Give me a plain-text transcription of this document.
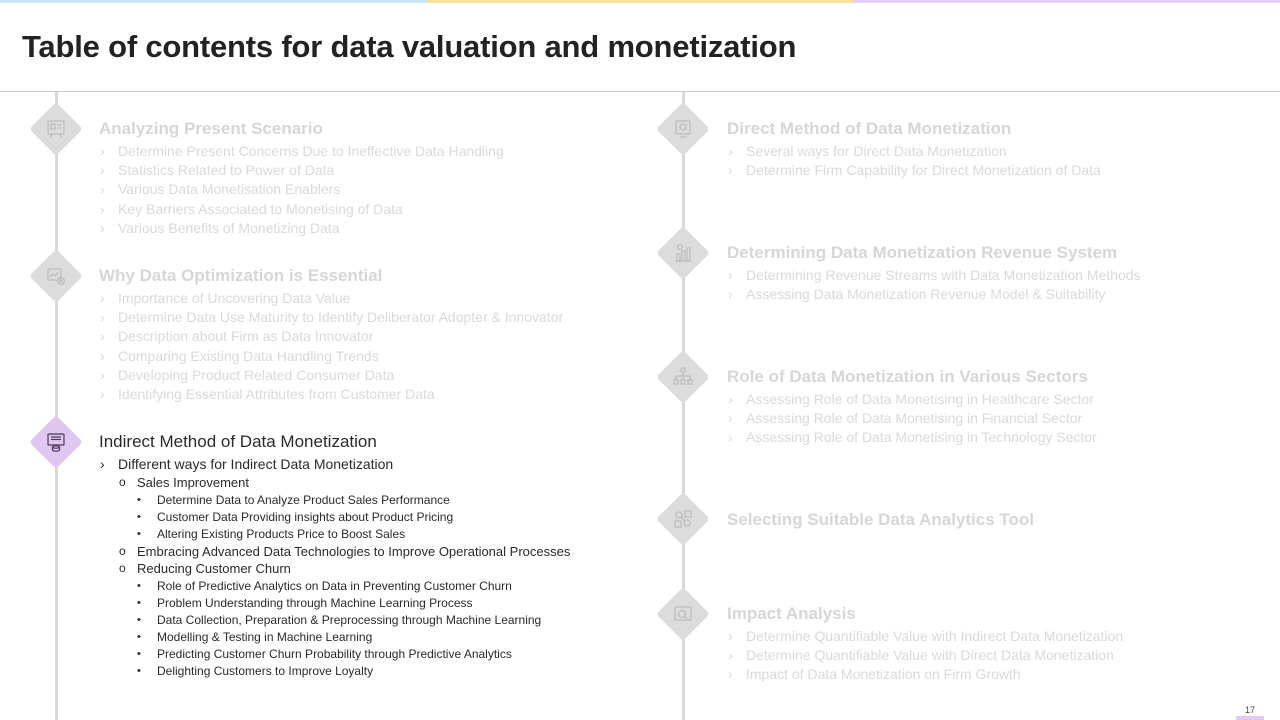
Table of contents for data valuation and monetization
Analyzing Present Scenario
› Determine Present Concerns Due to Ineffective Data Handling
› Statistics Related to Power of Data
› Various Data Monetisation Enablers
› Key Barriers Associated to Monetising of Data
› Various Benefits of Monetizing Data
Why Data Optimization is Essential
› Importance of Uncovering Data Value
› Determine Data Use Maturity to Identify Deliberator Adopter & Innovator
› Description about Firm as Data Innovator
› Comparing Existing Data Handling Trends
› Developing Product Related Consumer Data
› Identifying Essential Attributes from Customer Data
Indirect Method of Data Monetization
› Different ways for Indirect Data Monetization
o Sales Improvement
• Determine Data to Analyze Product Sales Performance
• Customer Data Providing insights about Product Pricing
• Altering Existing Products Price to Boost Sales
o Embracing Advanced Data Technologies to Improve Operational Processes
o Reducing Customer Churn
• Role of Predictive Analytics on Data in Preventing Customer Churn
• Problem Understanding through Machine Learning Process
• Data Collection, Preparation & Preprocessing through Machine Learning
• Modelling & Testing in Machine Learning
• Predicting Customer Churn Probability through Predictive Analytics
• Delighting Customers to Improve Loyalty
Direct Method of Data Monetization
› Several ways for Direct Data Monetization
› Determine Firm Capability for Direct Monetization of Data
Determining Data Monetization Revenue System
› Determining Revenue Streams with Data Monetization Methods
› Assessing Data Monetization Revenue Model & Suitability
Role of Data Monetization in Various Sectors
› Assessing Role of Data Monetising in Healthcare Sector
› Assessing Role of Data Monetising in Financial Sector
› Assessing Role of Data Monetising in Technology Sector
Selecting Suitable Data Analytics Tool
Impact Analysis
› Determine Quantifiable Value with Indirect Data Monetization
› Determine Quantifiable Value with Direct Data Monetization
› Impact of Data Monetization on Firm Growth
17
